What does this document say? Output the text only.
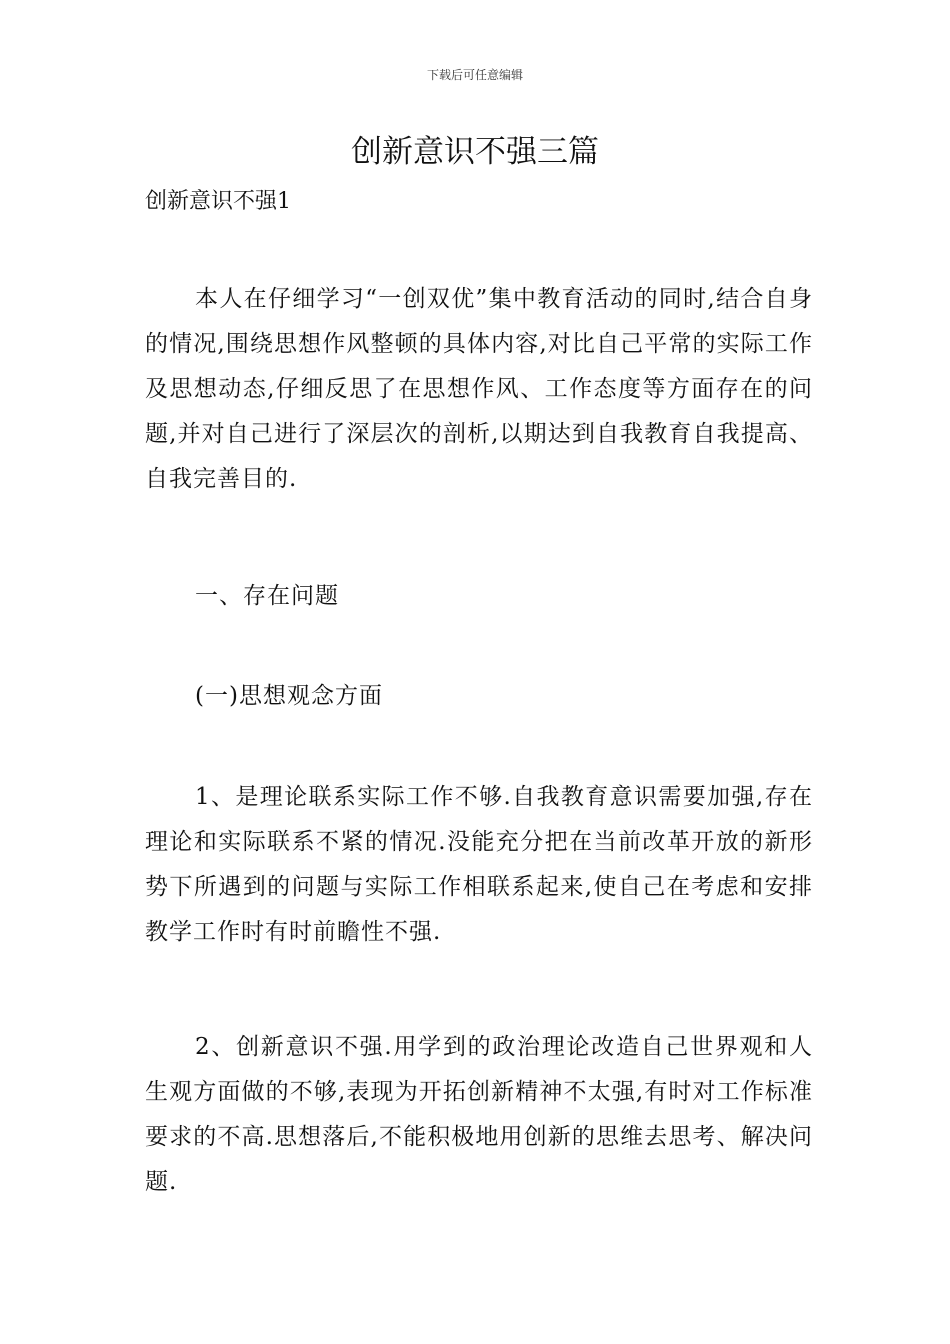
下载后可任意编辑
创新意识不强三篇
创新意识不强1

本人在仔细学习“一创双优”集中教育活动的同时,结合自身的情况,围绕思想作风整顿的具体内容,对比自己平常的实际工作及思想动态,仔细反思了在思想作风、工作态度等方面存在的问题,并对自己进行了深层次的剖析,以期达到自我教育自我提高、自我完善目的.

一、存在问题

(一)思想观念方面

1、是理论联系实际工作不够.自我教育意识需要加强,存在理论和实际联系不紧的情况.没能充分把在当前改革开放的新形势下所遇到的问题与实际工作相联系起来,使自己在考虑和安排教学工作时有时前瞻性不强.

2、创新意识不强.用学到的政治理论改造自己世界观和人生观方面做的不够,表现为开拓创新精神不太强,有时对工作标准要求的不高.思想落后,不能积极地用创新的思维去思考、解决问题.
